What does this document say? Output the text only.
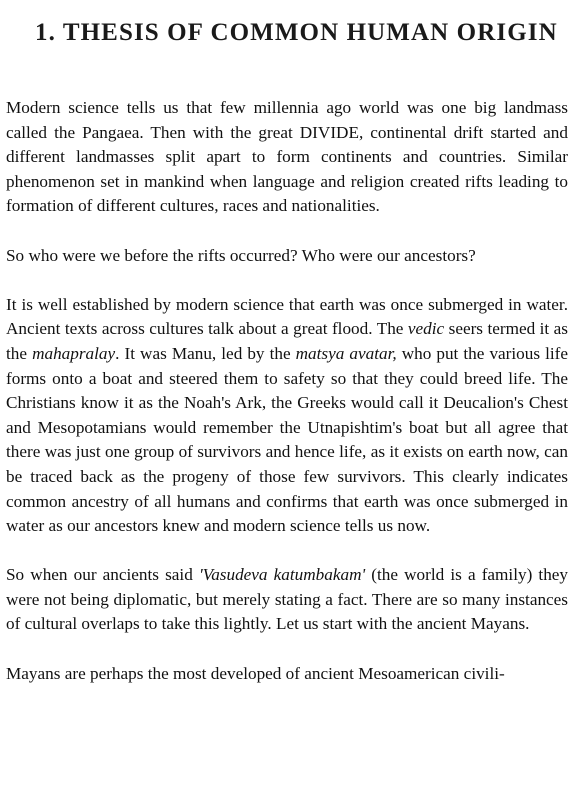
1. THESIS OF COMMON HUMAN ORIGIN

Modern science tells us that few millennia ago world was one big landmass called the Pangaea. Then with the great DIVIDE, continental drift started and different landmasses split apart to form continents and countries. Similar phenomenon set in mankind when language and religion created rifts leading to formation of different cultures, races and nationalities.

So who were we before the rifts occurred? Who were our ancestors?

It is well established by modern science that earth was once submerged in water. Ancient texts across cultures talk about a great flood. The vedic seers termed it as the mahapralay. It was Manu, led by the matsya avatar, who put the various life forms onto a boat and steered them to safety so that they could breed life. The Christians know it as the Noah's Ark, the Greeks would call it Deucalion's Chest and Mesopotamians would remember the Utnapishtim's boat but all agree that there was just one group of survivors and hence life, as it exists on earth now, can be traced back as the progeny of those few survivors. This clearly indicates common ancestry of all humans and confirms that earth was once submerged in water as our ancestors knew and modern science tells us now.

So when our ancients said 'Vasudeva katumbakam' (the world is a family) they were not being diplomatic, but merely stating a fact. There are so many instances of cultural overlaps to take this lightly. Let us start with the ancient Mayans.

Mayans are perhaps the most developed of ancient Mesoamerican civili-
